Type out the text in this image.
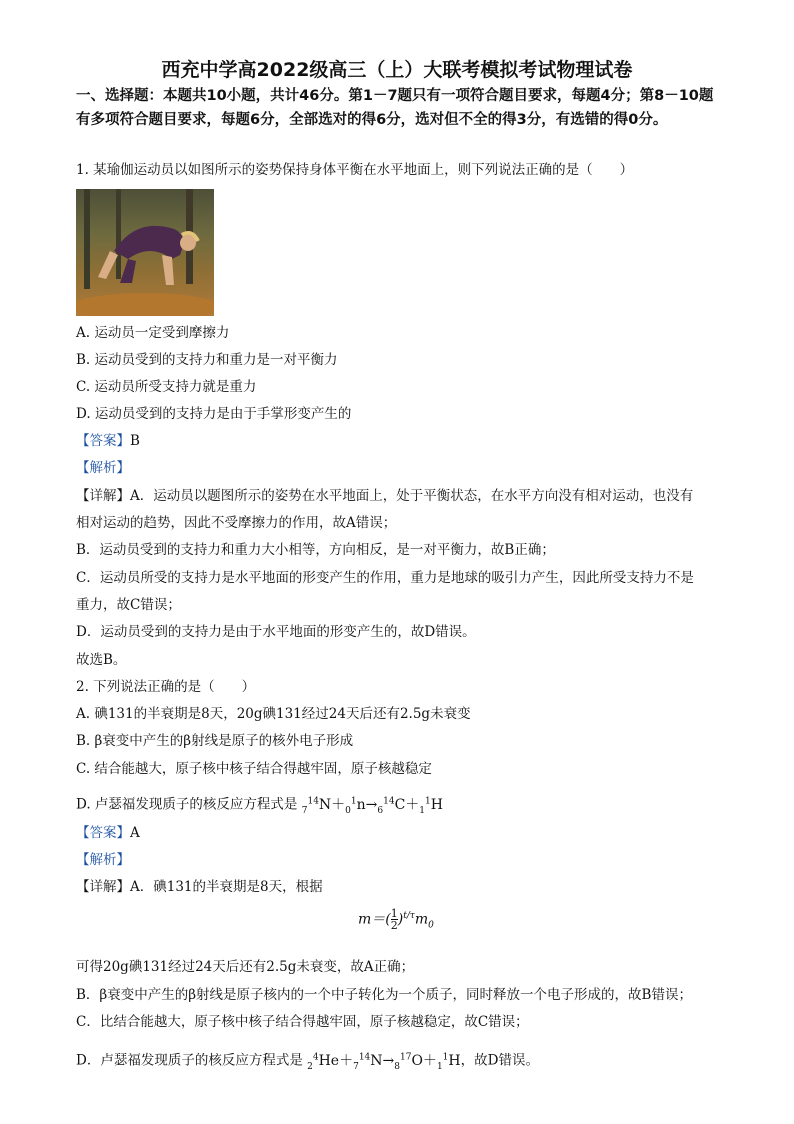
西充中学高2022级高三（上）大联考模拟考试物理试卷
一、选择题：本题共10小题，共计46分。第1－7题只有一项符合题目要求，每题4分；第8－10题有多项符合题目要求，每题6分，全部选对的得6分，选对但不全的得3分，有选错的得0分。
1. 某瑜伽运动员以如图所示的姿势保持身体平衡在水平地面上，则下列说法正确的是（　　）
A. 运动员一定受到摩擦力
B. 运动员受到的支持力和重力是一对平衡力
C. 运动员所受支持力就是重力
D. 运动员受到的支持力是由于手掌形变产生的
【答案】B
【解析】
【详解】A．运动员以题图所示的姿势在水平地面上，处于平衡状态，在水平方向没有相对运动，也没有
相对运动的趋势，因此不受摩擦力的作用，故A错误；
B．运动员受到的支持力和重力大小相等，方向相反，是一对平衡力，故B正确；
C．运动员所受的支持力是水平地面的形变产生的作用，重力是地球的吸引力产生，因此所受支持力不是
重力，故C错误；
D．运动员受到的支持力是由于水平地面的形变产生的，故D错误。
故选B。
2. 下列说法正确的是（　　）
A. 碘131的半衰期是8天，20g碘131经过24天后还有2.5g未衰变
B. β衰变中产生的β射线是原子的核外电子形成
C. 结合能越大，原子核中核子结合得越牢固，原子核越稳定
D. 卢瑟福发现质子的核反应方程式是 $_7^{14}N+_0^1n\to_6^{14}C+_1^1H$
【答案】A
【解析】
【详解】A．碘131的半衰期是8天，根据
$m=( \frac{1}{2} )^{t/\tau}m_0$
可得20g碘131经过24天后还有2.5g未衰变，故A正确；
B．β衰变中产生的β射线是原子核内的一个中子转化为一个质子，同时释放一个电子形成的，故B错误；
C．比结合能越大，原子核中核子结合得越牢固，原子核越稳定，故C错误；
D．卢瑟福发现质子的核反应方程式是 $_2^4He+_7^{14}N\to_8^{17}O+_1^1H$，故D错误。
